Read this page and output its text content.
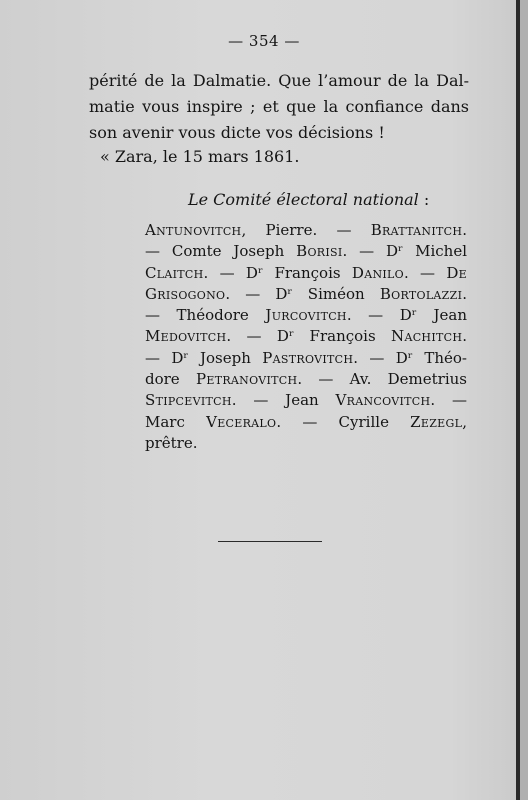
— 354 —
périté de la Dalmatie. Que l’amour de la Dal-
matie vous inspire ; et que la confiance dans
son avenir vous dicte vos décisions !
« Zara, le 15 mars 1861.
Le Comité électoral national :
Antunovitch, Pierre. — Brattanitch.
— Comte Joseph Borisi. — Dʳ Michel
Claitch. — Dʳ François Danilo. — De
Grisogono. — Dʳ Siméon Bortolazzi.
— Théodore Jurcovitch. — Dʳ Jean
Medovitch. — Dʳ François Nachitch.
— Dʳ Joseph Pastrovitch. — Dʳ Théo-
dore Petranovitch. — Av. Demetrius
Stipcevitch. — Jean Vrancovitch. —
Marc Veceralo. — Cyrille Zezegl,
prêtre.
